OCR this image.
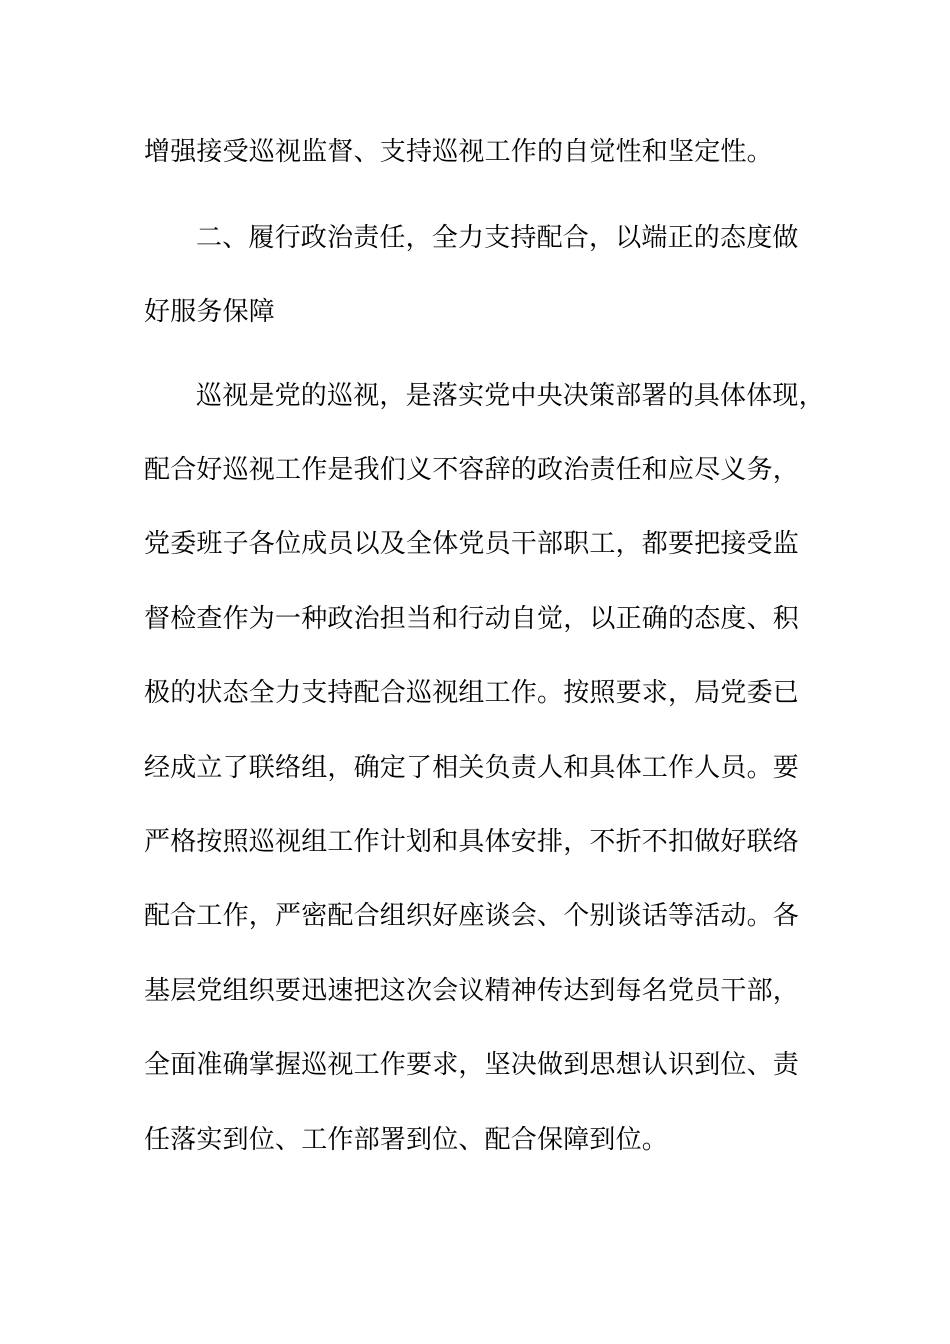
增强接受巡视监督、支持巡视工作的自觉性和坚定性。
二、履行政治责任，全力支持配合，以端正的态度做
好服务保障
巡视是党的巡视，是落实党中央决策部署的具体体现，
配合好巡视工作是我们义不容辞的政治责任和应尽义务，
党委班子各位成员以及全体党员干部职工，都要把接受监
督检查作为一种政治担当和行动自觉，以正确的态度、积
极的状态全力支持配合巡视组工作。按照要求，局党委已
经成立了联络组，确定了相关负责人和具体工作人员。要
严格按照巡视组工作计划和具体安排，不折不扣做好联络
配合工作，严密配合组织好座谈会、个别谈话等活动。各
基层党组织要迅速把这次会议精神传达到每名党员干部，
全面准确掌握巡视工作要求，坚决做到思想认识到位、责
任落实到位、工作部署到位、配合保障到位。
